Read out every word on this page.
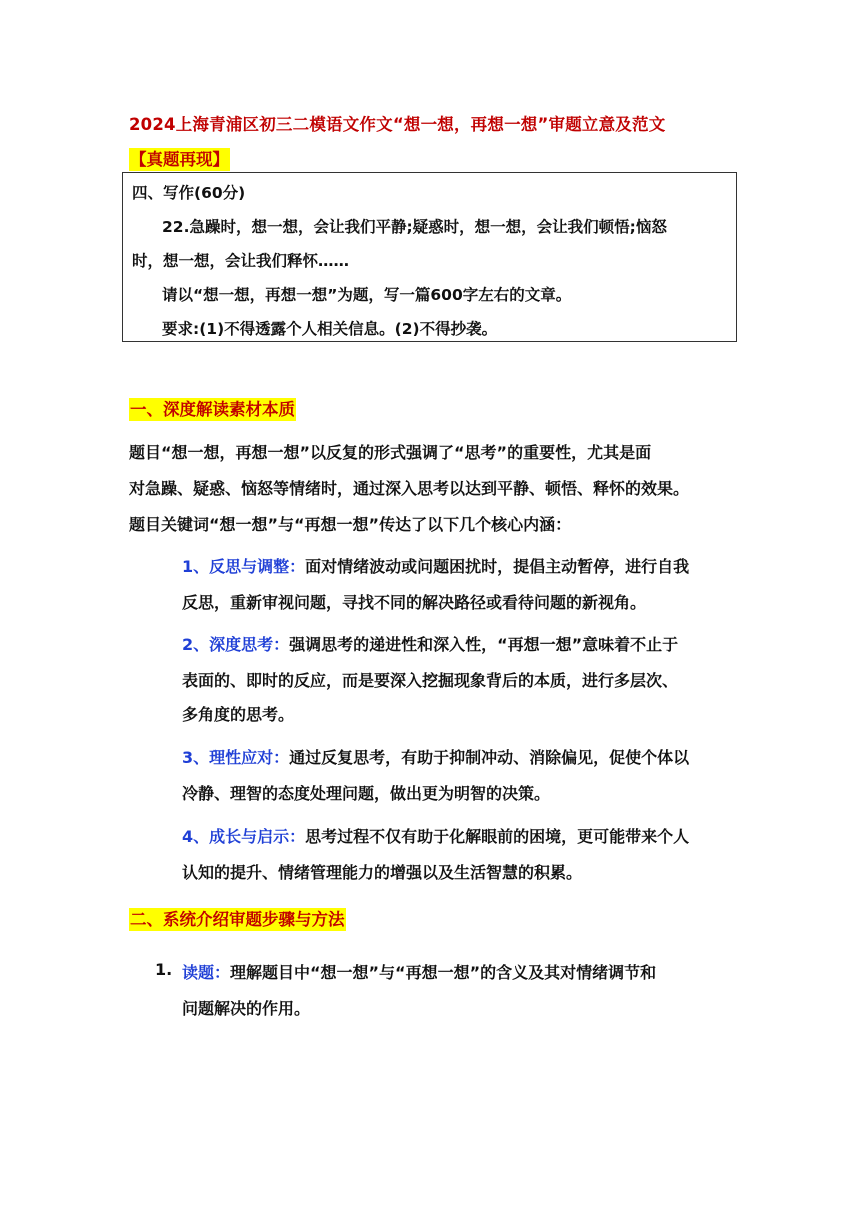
2024上海青浦区初三二模语文作文“想一想，再想一想”审题立意及范文
【真题再现】
四、写作(60分)
22.急躁时，想一想，会让我们平静;疑惑时，想一想，会让我们顿悟;恼怒
时，想一想，会让我们释怀……
请以“想一想，再想一想”为题，写一篇600字左右的文章。
要求:(1)不得透露个人相关信息。(2)不得抄袭。
一、深度解读素材本质
题目“想一想，再想一想”以反复的形式强调了“思考”的重要性，尤其是面
对急躁、疑惑、恼怒等情绪时，通过深入思考以达到平静、顿悟、释怀的效果。
题目关键词“想一想”与“再想一想”传达了以下几个核心内涵：
1、反思与调整：面对情绪波动或问题困扰时，提倡主动暂停，进行自我
反思，重新审视问题，寻找不同的解决路径或看待问题的新视角。
2、深度思考：强调思考的递进性和深入性，“再想一想”意味着不止于
表面的、即时的反应，而是要深入挖掘现象背后的本质，进行多层次、
多角度的思考。
3、理性应对：通过反复思考，有助于抑制冲动、消除偏见，促使个体以
冷静、理智的态度处理问题，做出更为明智的决策。
4、成长与启示：思考过程不仅有助于化解眼前的困境，更可能带来个人
认知的提升、情绪管理能力的增强以及生活智慧的积累。
二、系统介绍审题步骤与方法
1. 读题：理解题目中“想一想”与“再想一想”的含义及其对情绪调节和
问题解决的作用。
